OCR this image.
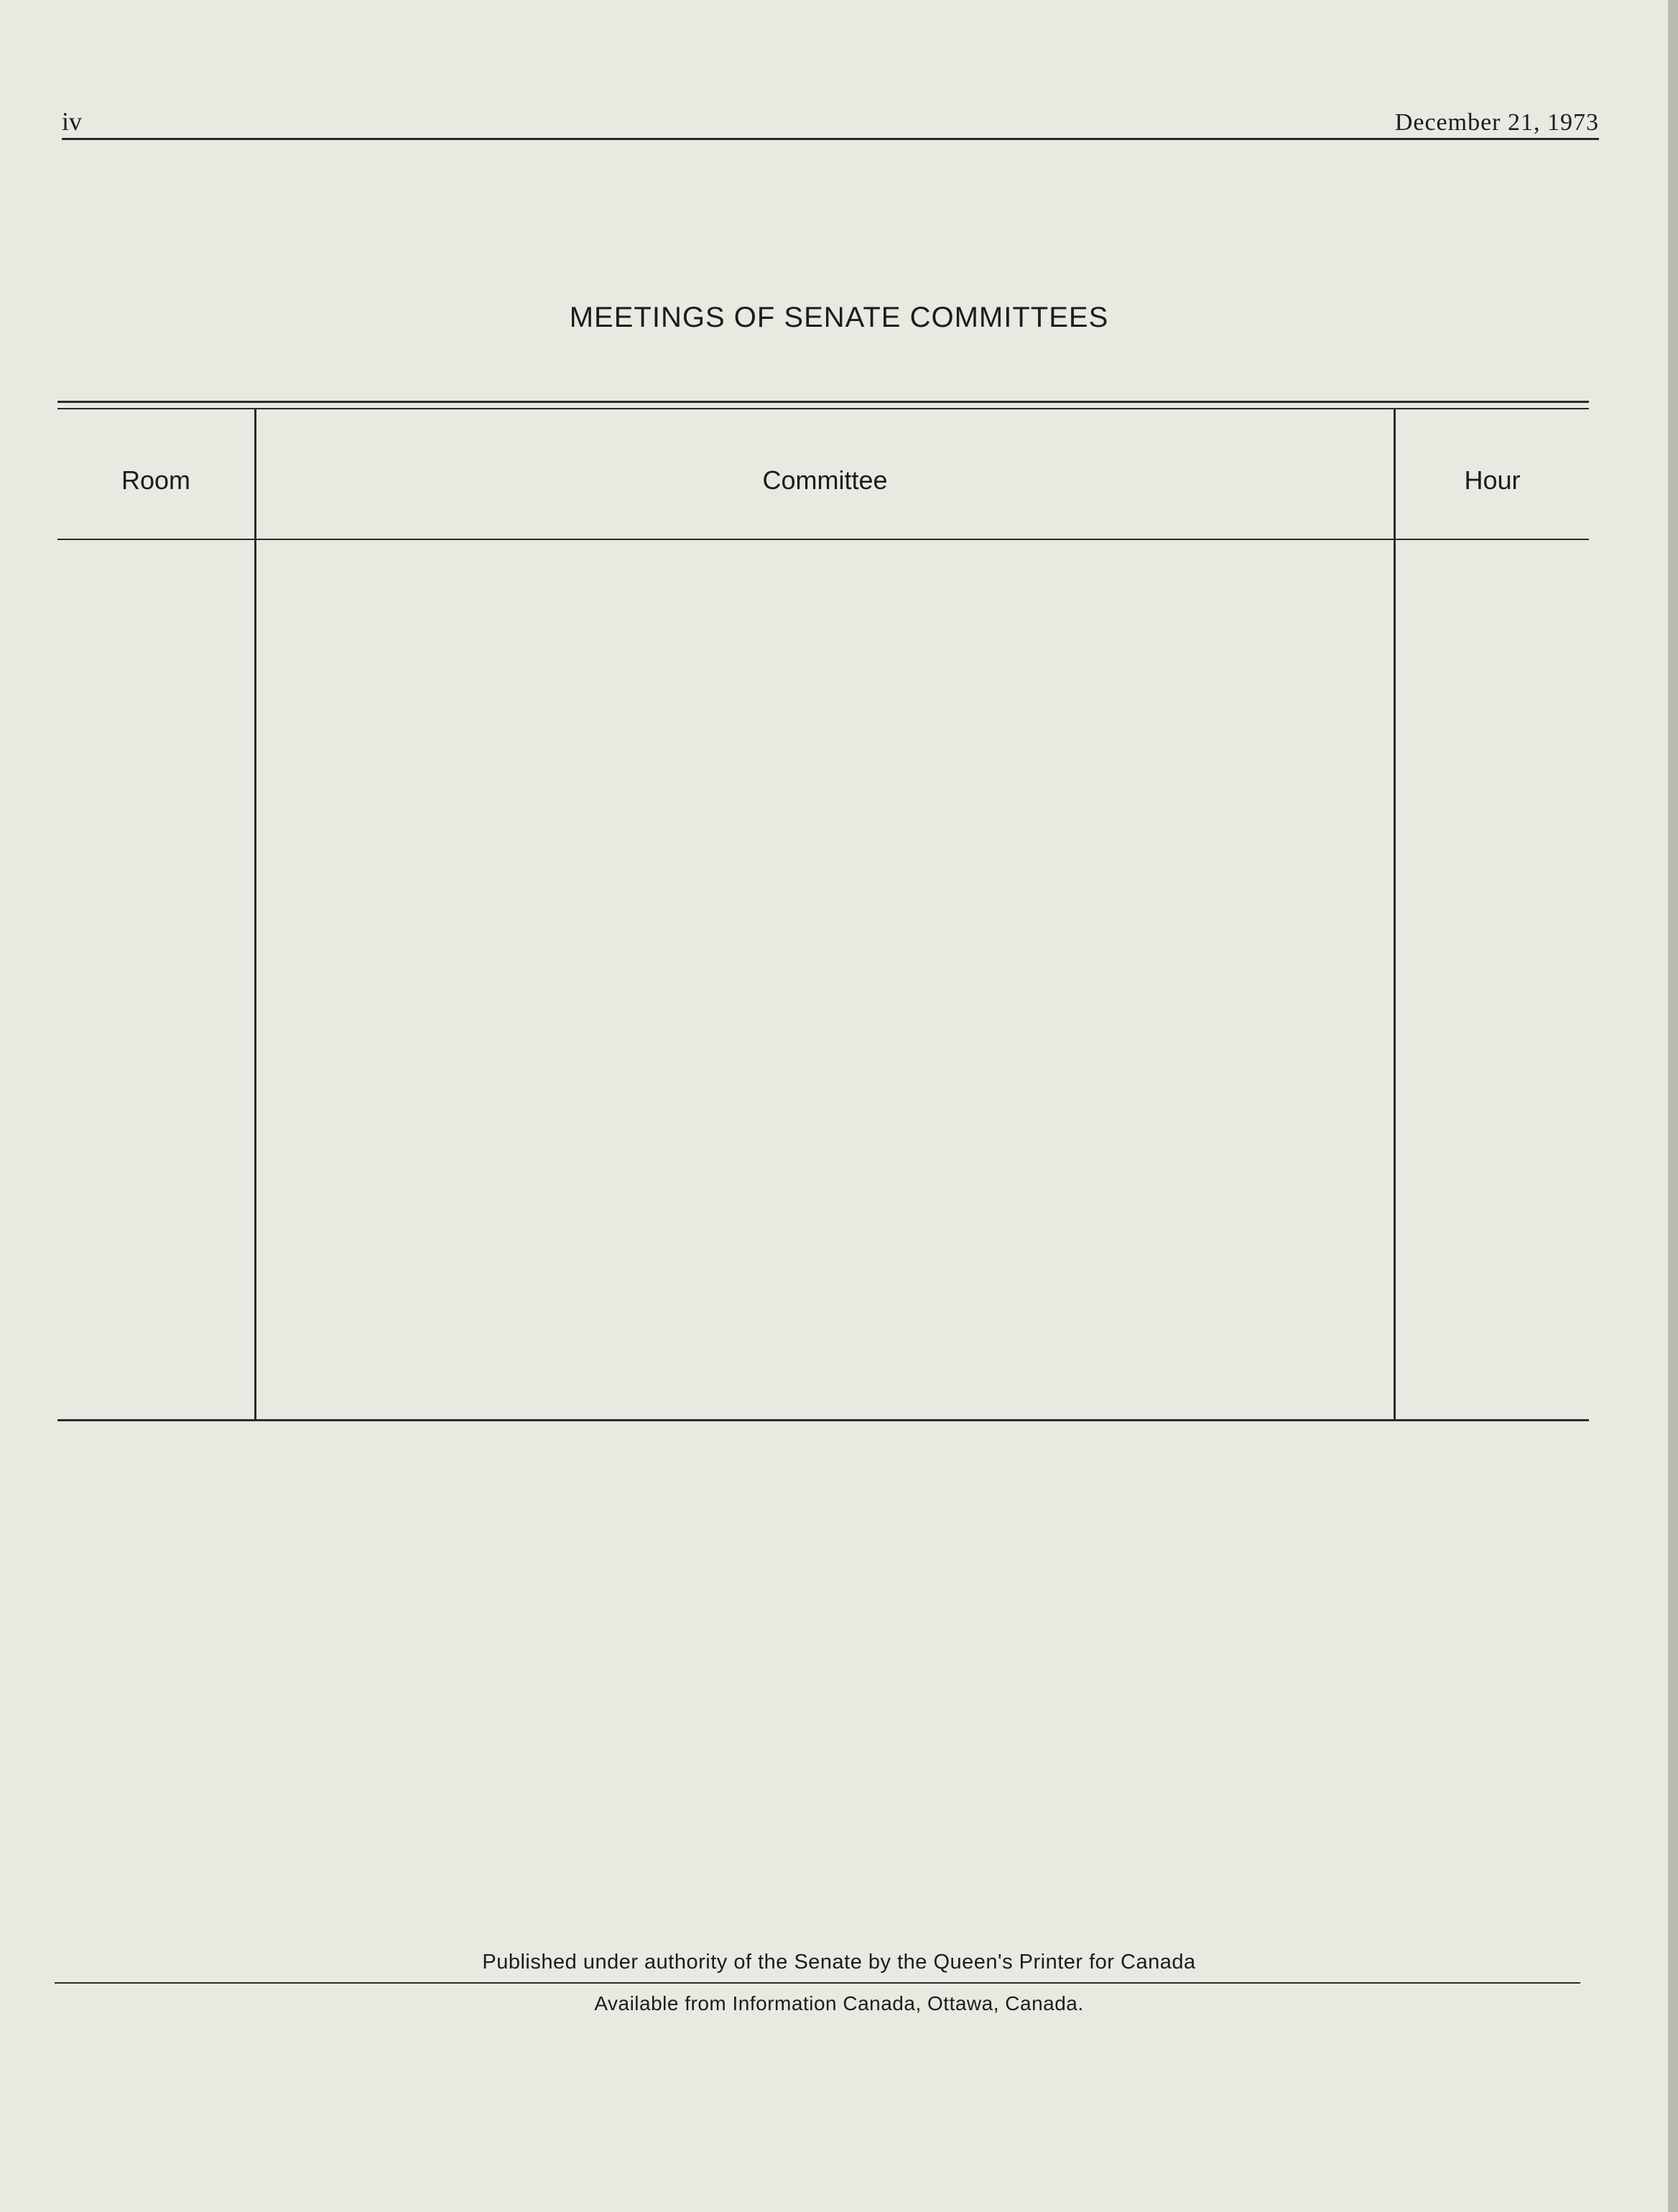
iv	December 21, 1973
MEETINGS OF SENATE COMMITTEES
Room	Committee	Hour
Published under authority of the Senate by the Queen's Printer for Canada
Available from Information Canada, Ottawa, Canada.
